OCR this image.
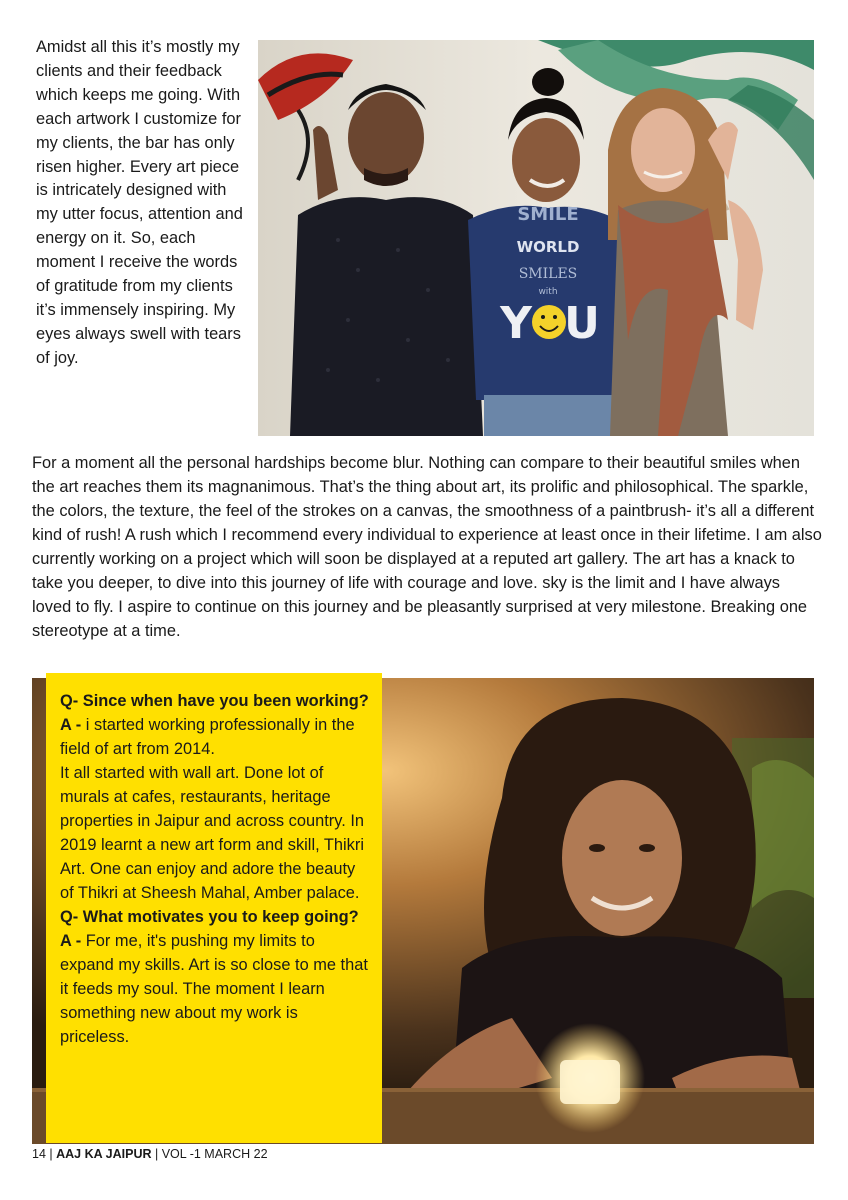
Amidst all this it’s mostly my clients and their feedback which keeps me going. With each artwork I customize for my clients, the bar has only risen higher. Every art piece is intricately designed with my utter focus, attention and energy on it. So, each moment I receive the words of gratitude from my clients it’s immensely inspiring. My eyes always swell with tears of joy.
SMILE
WORLD
SMILES
with
Y U
For a moment all the personal hardships become blur. Nothing can compare to their beautiful smiles when the art reaches them its magnanimous. That’s the thing about art, its prolific and philosophical. The sparkle, the colors, the texture, the feel of the strokes on a canvas, the smoothness of a paintbrush- it’s all a different kind of rush! A rush which I recommend every individual to experience at least once in their lifetime. I am also currently working on a project which will soon be displayed at a reputed art gallery. The art has a knack to take you deeper, to dive into this journey of life with courage and love. sky is the limit and I have always loved to fly. I aspire to continue on this journey and be pleasantly surprised at very milestone. Breaking one stereotype at a time.

Q- Since when have you been working?

A - i started working professionally in the field of art from 2014.

It all started with wall art. Done lot of murals at cafes, restaurants, heritage properties in Jaipur and across country. In 2019 learnt a new art form and skill, Thikri Art. One can enjoy and adore the beauty of Thikri at Sheesh Mahal, Amber palace.

Q- What motivates you to keep going?

A - For me, it's pushing my limits to expand my skills. Art is so close to me that it feeds my soul. The moment I learn something new about my work is priceless.

14 | AAJ KA JAIPUR | VOL -1 MARCH 22
